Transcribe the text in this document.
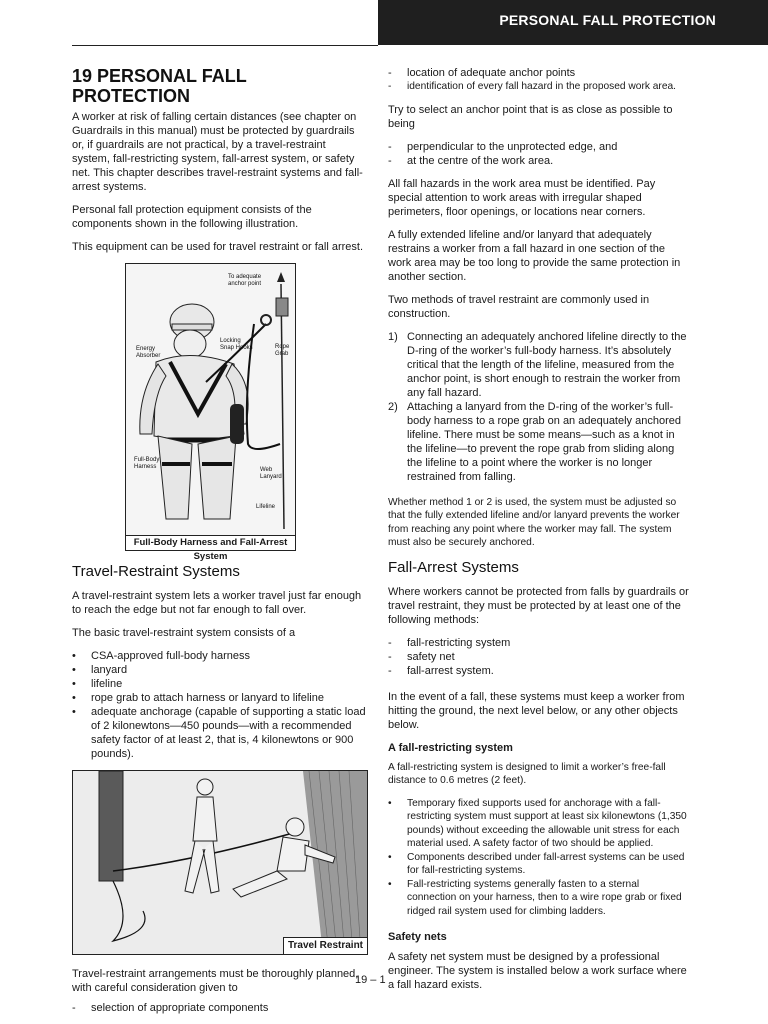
PERSONAL FALL PROTECTION
19 PERSONAL FALL PROTECTION

A worker at risk of falling certain distances (see chapter on Guardrails in this manual) must be protected by guardrails or, if guardrails are not practical, by a travel-restraint system, fall-restricting system, fall-arrest system, or safety net. This chapter describes travel-restraint systems and fall-arrest systems.

Personal fall protection equipment consists of the components shown in the following illustration.

This equipment can be used for travel restraint or fall arrest.

To adequate anchor point
Locking Snap Hooks	Rope Grab
Energy Absorber
Full-Body Harness	Web Lanyard
Lifeline
Full-Body Harness and Fall-Arrest System
Travel-Restraint Systems

A travel-restraint system lets a worker travel just far enough to reach the edge but not far enough to fall over.

The basic travel-restraint system consists of a

• CSA-approved full-body harness
• lanyard
• lifeline
• rope grab to attach harness or lanyard to lifeline
• adequate anchorage (capable of supporting a static load of 2 kilonewtons—450 pounds—with a recommended safety factor of at least 2, that is, 4 kilonewtons or 900 pounds).
Travel Restraint

Travel-restraint arrangements must be thoroughly planned, with careful consideration given to

- selection of appropriate components
- location of adequate anchor points
- identification of every fall hazard in the proposed work area.

Try to select an anchor point that is as close as possible to being

- perpendicular to the unprotected edge, and
- at the centre of the work area.

All fall hazards in the work area must be identified. Pay special attention to work areas with irregular shaped perimeters, floor openings, or locations near corners.

A fully extended lifeline and/or lanyard that adequately restrains a worker from a fall hazard in one section of the work area may be too long to provide the same protection in another section.

Two methods of travel restraint are commonly used in construction.

1) Connecting an adequately anchored lifeline directly to the D-ring of the worker’s full-body harness. It’s absolutely critical that the length of the lifeline, measured from the anchor point, is short enough to restrain the worker from any fall hazard.
2) Attaching a lanyard from the D-ring of the worker’s full-body harness to a rope grab on an adequately anchored lifeline. There must be some means—such as a knot in the lifeline—to prevent the rope grab from sliding along the lifeline to a point where the worker is no longer restrained from falling.

Whether method 1 or 2 is used, the system must be adjusted so that the fully extended lifeline and/or lanyard prevents the worker from reaching any point where the worker may fall. The system must also be securely anchored.

Fall-Arrest Systems

Where workers cannot be protected from falls by guardrails or travel restraint, they must be protected by at least one of the following methods:

- fall-restricting system
- safety net
- fall-arrest system.

In the event of a fall, these systems must keep a worker from hitting the ground, the next level below, or any other objects below.

A fall-restricting system

A fall-restricting system is designed to limit a worker’s free-fall distance to 0.6 metres (2 feet).

• Temporary fixed supports used for anchorage with a fall-restricting system must support at least six kilonewtons (1,350 pounds) without exceeding the allowable unit stress for each material used. A safety factor of two should be applied.
• Components described under fall-arrest systems can be used for fall-restricting systems.
• Fall-restricting systems generally fasten to a sternal connection on your harness, then to a wire rope grab or fixed ridged rail system used for climbing ladders.
Safety nets

A safety net system must be designed by a professional engineer. The system is installed below a work surface where a fall hazard exists.

19 – 1
